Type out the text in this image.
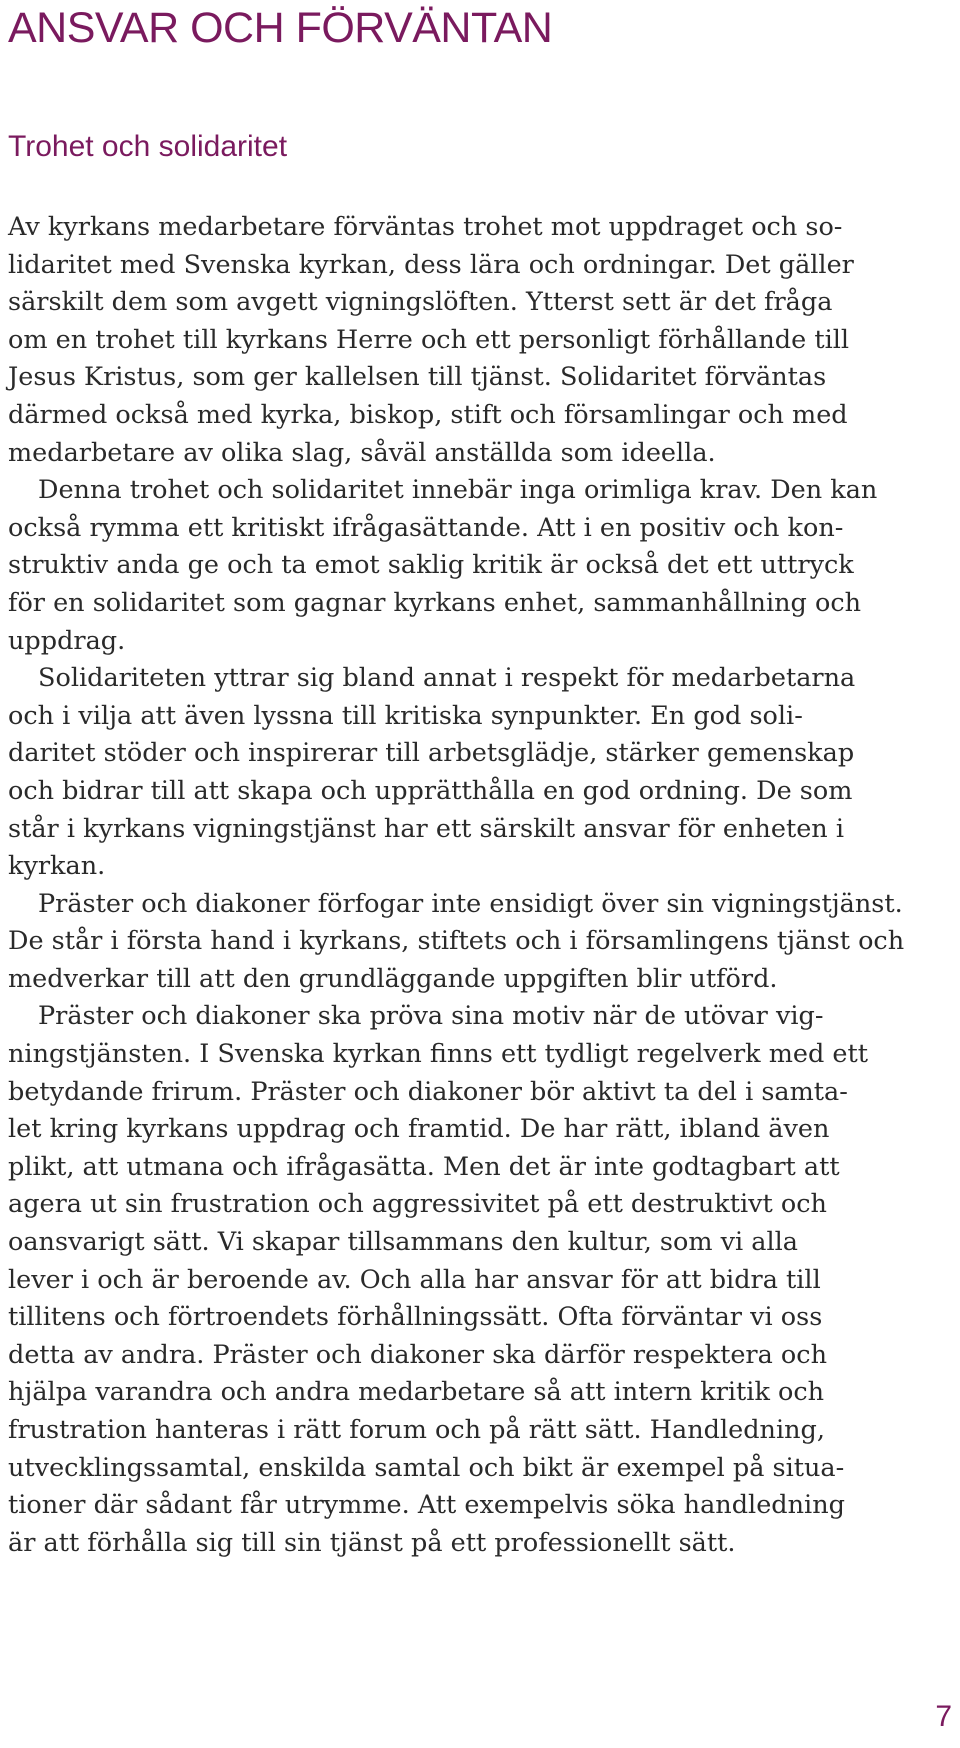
ANSVAR OCH FÖRVÄNTAN
Trohet och solidaritet
Av kyrkans medarbetare förväntas trohet mot uppdraget och so-
lidaritet med Svenska kyrkan, dess lära och ordningar. Det gäller
särskilt dem som avgett vigningslöften. Ytterst sett är det fråga
om en trohet till kyrkans Herre och ett personligt förhållande till
Jesus Kristus, som ger kallelsen till tjänst. Solidaritet förväntas
därmed också med kyrka, biskop, stift och församlingar och med
medarbetare av olika slag, såväl anställda som ideella.
Denna trohet och solidaritet innebär inga orimliga krav. Den kan
också rymma ett kritiskt ifrågasättande. Att i en positiv och kon-
struktiv anda ge och ta emot saklig kritik är också det ett uttryck
för en solidaritet som gagnar kyrkans enhet, sammanhållning och
uppdrag.
Solidariteten yttrar sig bland annat i respekt för medarbetarna
och i vilja att även lyssna till kritiska synpunkter. En god soli-
daritet stöder och inspirerar till arbetsglädje, stärker gemenskap
och bidrar till att skapa och upprätthålla en god ordning. De som
står i kyrkans vigningstjänst har ett särskilt ansvar för enheten i
kyrkan.
Präster och diakoner förfogar inte ensidigt över sin vigningstjänst.
De står i första hand i kyrkans, stiftets och i församlingens tjänst och
medverkar till att den grundläggande uppgiften blir utförd.
Präster och diakoner ska pröva sina motiv när de utövar vig-
ningstjänsten. I Svenska kyrkan finns ett tydligt regelverk med ett
betydande frirum. Präster och diakoner bör aktivt ta del i samta-
let kring kyrkans uppdrag och framtid. De har rätt, ibland även
plikt, att utmana och ifrågasätta. Men det är inte godtagbart att
agera ut sin frustration och aggressivitet på ett destruktivt och
oansvarigt sätt. Vi skapar tillsammans den kultur, som vi alla
lever i och är beroende av. Och alla har ansvar för att bidra till
tillitens och förtroendets förhållningssätt. Ofta förväntar vi oss
detta av andra. Präster och diakoner ska därför respektera och
hjälpa varandra och andra medarbetare så att intern kritik och
frustration hanteras i rätt forum och på rätt sätt. Handledning,
utvecklingssamtal, enskilda samtal och bikt är exempel på situa-
tioner där sådant får utrymme. Att exempelvis söka handledning
är att förhålla sig till sin tjänst på ett professionellt sätt.
7
